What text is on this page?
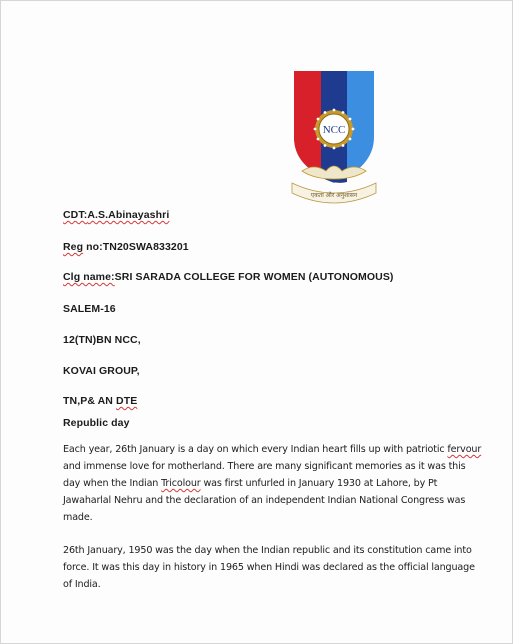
NCC
एकता और अनुशासन
CDT:A.S.Abinayashri
Reg no:TN20SWA833201
Clg name:SRI SARADA COLLEGE FOR WOMEN (AUTONOMOUS)
SALEM-16
12(TN)BN NCC,
KOVAI GROUP,
TN,P& AN DTE
Republic day
Each year, 26th January is a day on which every Indian heart fills up with patriotic fervour
and immense love for motherland. There are many significant memories as it was this
day when the Indian Tricolour was first unfurled in January 1930 at Lahore, by Pt
Jawaharlal Nehru and the declaration of an independent Indian National Congress was
made.
26th January, 1950 was the day when the Indian republic and its constitution came into
force. It was this day in history in 1965 when Hindi was declared as the official language
of India.
